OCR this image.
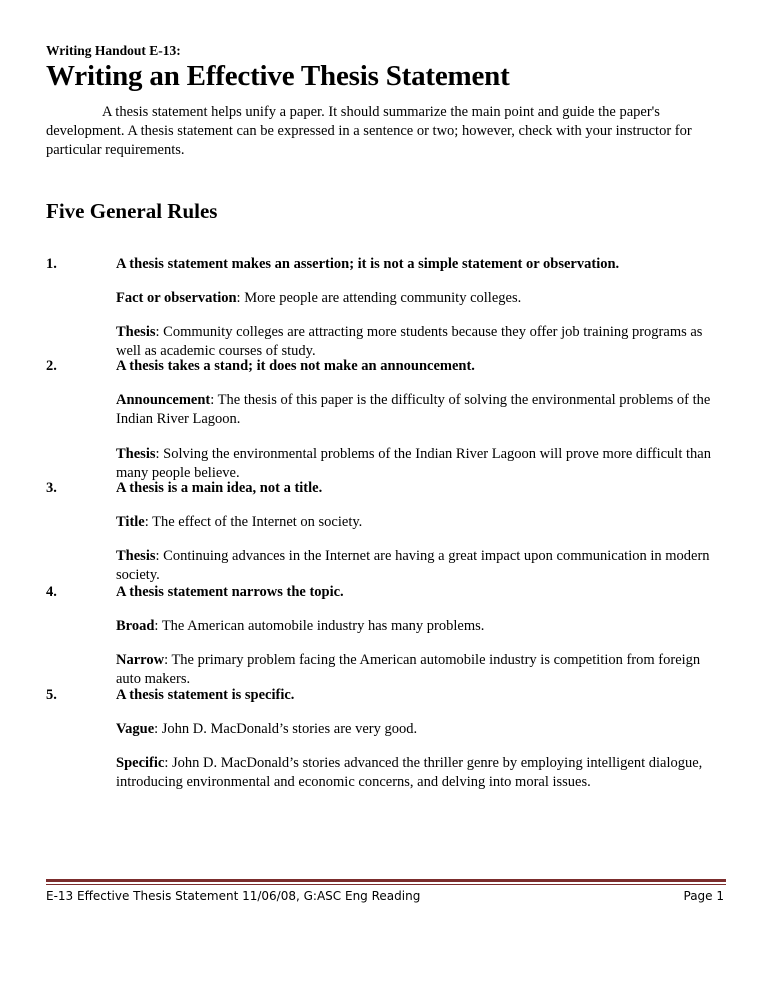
Writing Handout E-13:
Writing an Effective Thesis Statement
A thesis statement helps unify a paper. It should summarize the main point and guide the paper's development. A thesis statement can be expressed in a sentence or two; however, check with your instructor for particular requirements.
Five General Rules
1.	A thesis statement makes an assertion; it is not a simple statement or observation.
Fact or observation: More people are attending community colleges.
Thesis: Community colleges are attracting more students because they offer job training programs as well as academic courses of study.
2.	A thesis takes a stand; it does not make an announcement.
Announcement: The thesis of this paper is the difficulty of solving the environmental problems of the Indian River Lagoon.
Thesis: Solving the environmental problems of the Indian River Lagoon will prove more difficult than many people believe.
3.	A thesis is a main idea, not a title.
Title: The effect of the Internet on society.
Thesis: Continuing advances in the Internet are having a great impact upon communication in modern society.
4.	A thesis statement narrows the topic.
Broad: The American automobile industry has many problems.
Narrow: The primary problem facing the American automobile industry is competition from foreign auto makers.
5.	A thesis statement is specific.
Vague: John D. MacDonald’s stories are very good.
Specific: John D. MacDonald’s stories advanced the thriller genre by employing intelligent dialogue, introducing environmental and economic concerns, and delving into moral issues.
E-13 Effective Thesis Statement 11/06/08, G:ASC Eng Reading	Page 1
